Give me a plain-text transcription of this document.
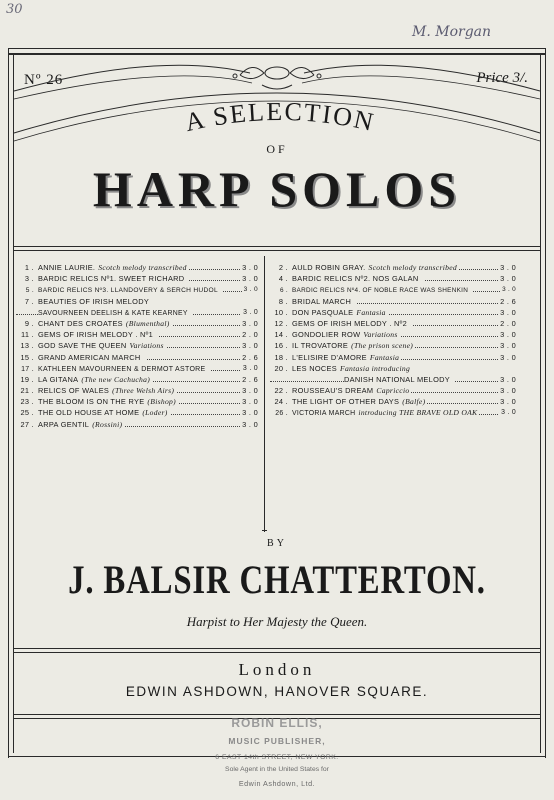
30
M. Morgan
Nº 26	Price 3/.
A SELECTION
OF
HARP SOLOS
1 . ANNIE LAURIE. Scotch melody transcribed	3 . 0
3 . BARDIC RELICS Nº1. SWEET RICHARD	3 . 0
5 . BARDIC RELICS Nº3. LLANDOVERY & SERCH HUDOL	3 . 0
7 . BEAUTIES OF IRISH MELODY
SAVOURNEEN DEELISH & KATE KEARNEY	3 . 0
9 . CHANT DES CROATES (Blumenthal)	3 . 0
11 . GEMS OF IRISH MELODY . Nº1	2 . 0
13 . GOD SAVE THE QUEEN Variations	3 . 0
15 . GRAND AMERICAN MARCH	2 . 6
17 . KATHLEEN MAVOURNEEN & DERMOT ASTORE	3 . 0
19 . LA GITANA (The new Cachucha)	2 . 6
21 . RELICS OF WALES (Three Welsh Airs)	3 . 0
23 . THE BLOOM IS ON THE RYE (Bishop)	3 . 0
25 . THE OLD HOUSE AT HOME (Loder)	3 . 0
27 . ARPA GENTIL (Rossini)	3 . 0
2 . AULD ROBIN GRAY. Scotch melody transcribed	3 . 0
4 . BARDIC RELICS Nº2. NOS GALAN	3 . 0
6 . BARDIC RELICS Nº4. OF NOBLE RACE WAS SHENKIN	3 . 0
8 . BRIDAL MARCH	2 . 6
10 . DON PASQUALE Fantasia	3 . 0
12 . GEMS OF IRISH MELODY . Nº2	2 . 0
14 . GONDOLIER ROW Variations	3 . 0
16 . IL TROVATORE (The prison scene)	3 . 0
18 . L'ELISIRE D'AMORE Fantasia	3 . 0
20 . LES NOCES Fantasia introducing
DANISH NATIONAL MELODY	3 . 0
22 . ROUSSEAU'S DREAM Capriccio	3 . 0
24 . THE LIGHT OF OTHER DAYS (Balfe)	3 . 0
26 . VICTORIA MARCH introducing THE BRAVE OLD OAK	3 . 0
BY
J. BALSIR CHATTERTON.
Harpist to Her Majesty the Queen.
London
EDWIN ASHDOWN, HANOVER SQUARE.
ROBIN ELLIS,
MUSIC PUBLISHER,
6 EAST 14th STREET, NEW YORK.
Sole Agent in the United States for
Edwin Ashdown, Ltd.
